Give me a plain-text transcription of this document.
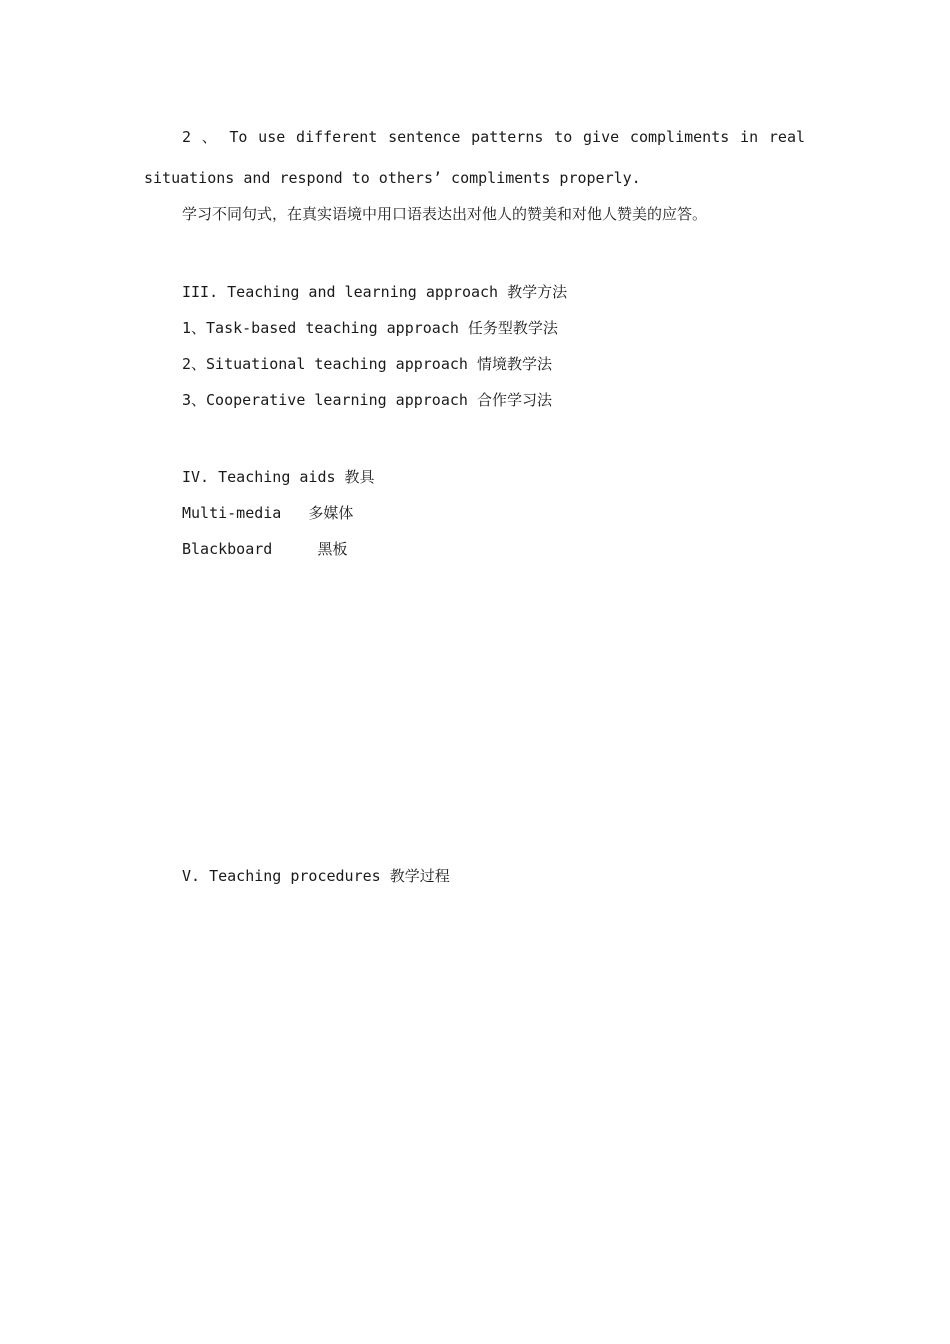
2 、 To use different sentence patterns to give compliments in real
situations and respond to others’ compliments properly.
学习不同句式，在真实语境中用口语表达出对他人的赞美和对他人赞美的应答。
III. Teaching and learning approach 教学方法
1、Task-based teaching approach 任务型教学法
2、Situational teaching approach 情境教学法
3、Cooperative learning approach 合作学习法
IV. Teaching aids 教具
Multi-media   多媒体
Blackboard     黑板
V. Teaching procedures 教学过程
